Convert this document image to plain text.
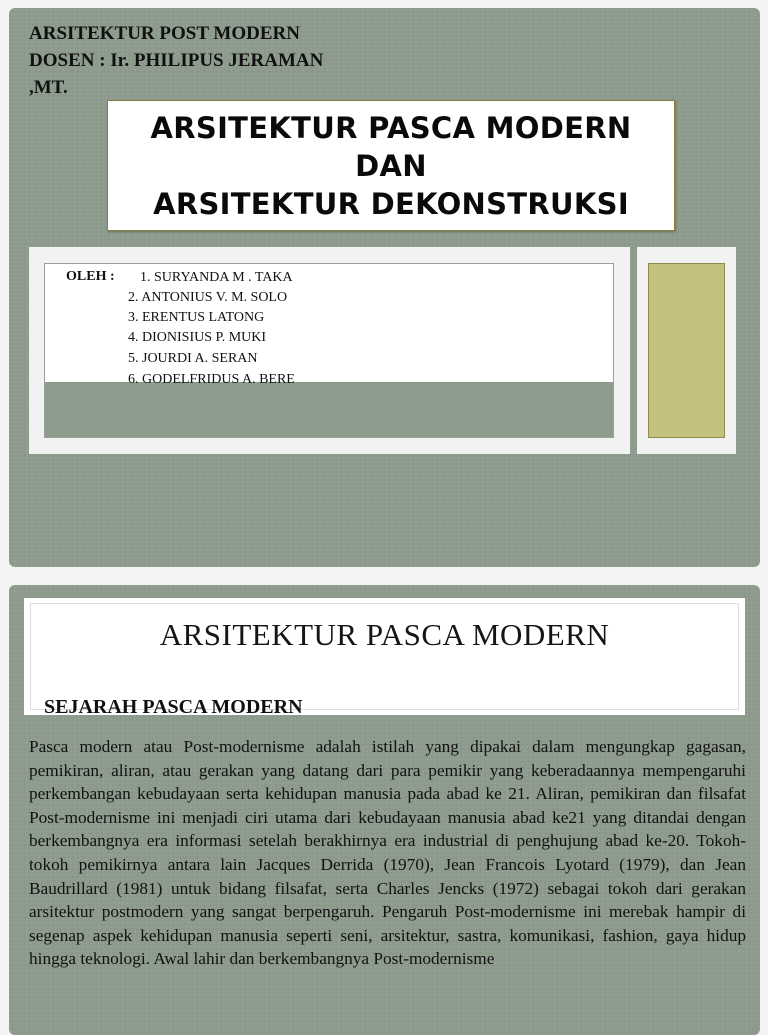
ARSITEKTUR POST MODERN
DOSEN : Ir. PHILIPUS JERAMAN
,MT.
ARSITEKTUR PASCA MODERN
DAN
ARSITEKTUR DEKONSTRUKSI
OLEH : 1. SURYANDA M . TAKA
2. ANTONIUS V. M. SOLO
3. ERENTUS LATONG
4. DIONISIUS P. MUKI
5. JOURDI A. SERAN
6. GODELFRIDUS A. BERE
ARSITEKTUR PASCA MODERN
SEJARAH PASCA MODERN
Pasca modern atau Post-modernisme adalah istilah yang dipakai dalam mengungkap gagasan, pemikiran, aliran, atau gerakan yang datang dari para pemikir yang keberadaannya mempengaruhi perkembangan kebudayaan serta kehidupan manusia pada abad ke 21. Aliran, pemikiran dan filsafat Post-modernisme ini menjadi ciri utama dari kebudayaan manusia abad ke21 yang ditandai dengan berkembangnya era informasi setelah berakhirnya era industrial di penghujung abad ke-20. Tokoh-tokoh pemikirnya antara lain Jacques Derrida (1970), Jean Francois Lyotard (1979), dan Jean Baudrillard (1981) untuk bidang filsafat, serta Charles Jencks (1972) sebagai tokoh dari gerakan arsitektur postmodern yang sangat berpengaruh. Pengaruh Post-modernisme ini merebak hampir di segenap aspek kehidupan manusia seperti seni, arsitektur, sastra, komunikasi, fashion, gaya hidup hingga teknologi. Awal lahir dan berkembangnya Post-modernisme
